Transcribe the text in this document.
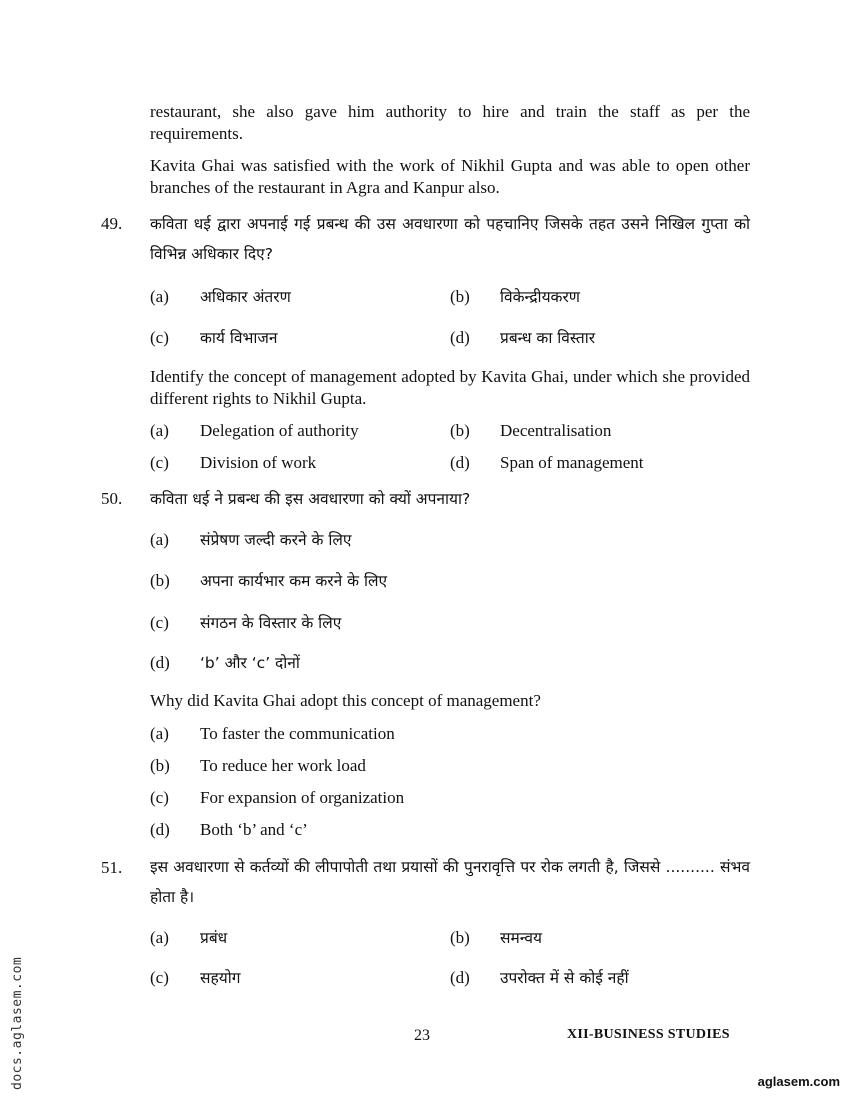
restaurant, she also gave him authority to hire and train the staff as per the requirements.
Kavita Ghai was satisfied with the work of Nikhil Gupta and was able to open other branches of the restaurant in Agra and Kanpur also.
49. कविता धई द्वारा अपनाई गई प्रबन्ध की उस अवधारणा को पहचानिए जिसके तहत उसने निखिल गुप्ता को विभिन्न अधिकार दिए?
(a) अधिकार अंतरण	(b) विकेन्द्रीयकरण
(c) कार्य विभाजन	(d) प्रबन्ध का विस्तार
Identify the concept of management adopted by Kavita Ghai, under which she provided different rights to Nikhil Gupta.
(a) Delegation of authority	(b) Decentralisation
(c) Division of work	(d) Span of management
50. कविता धई ने प्रबन्ध की इस अवधारणा को क्यों अपनाया?
(a) संप्रेषण जल्दी करने के लिए
(b) अपना कार्यभार कम करने के लिए
(c) संगठन के विस्तार के लिए
(d) ‘b’ और ‘c’ दोनों
Why did Kavita Ghai adopt this concept of management?
(a) To faster the communication
(b) To reduce her work load
(c) For expansion of organization
(d) Both ‘b’ and ‘c’
51. इस अवधारणा से कर्तव्यों की लीपापोती तथा प्रयासों की पुनरावृत्ति पर रोक लगती है, जिससे .......... संभव होता है।
(a) प्रबंध	(b) समन्वय
(c) सहयोग	(d) उपरोक्त में से कोई नहीं
23	XII-BUSINESS STUDIES
docs.aglasem.com	aglasem.com
